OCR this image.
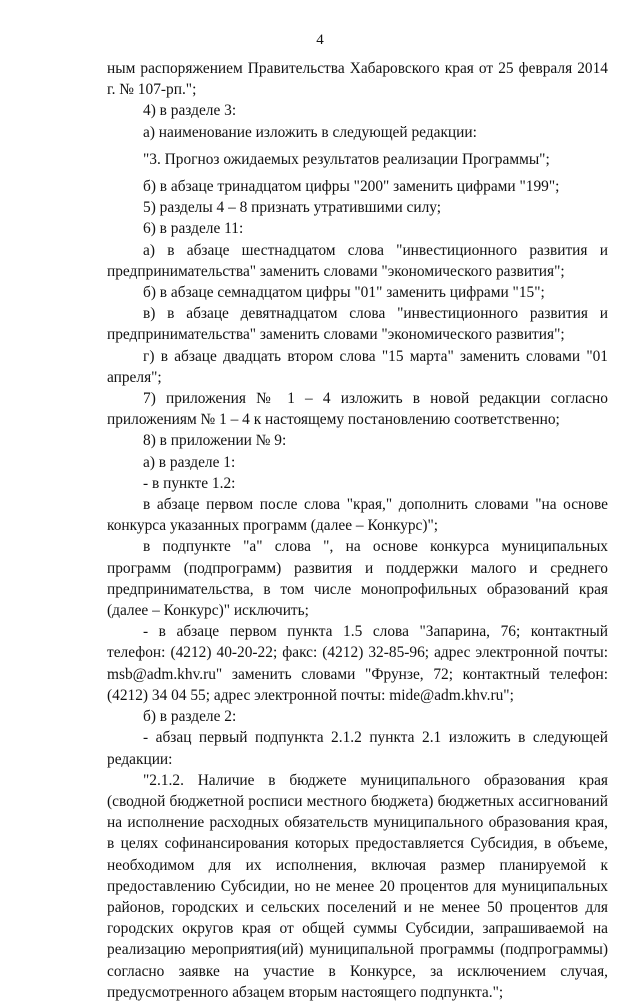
4

ным распоряжением Правительства Хабаровского края от 25 февраля 2014 г. № 107-рп.";

4) в разделе 3:

а) наименование изложить в следующей редакции:

"3. Прогноз ожидаемых результатов реализации Программы";

б) в абзаце тринадцатом цифры "200" заменить цифрами "199";

5) разделы 4 – 8 признать утратившими силу;

6) в разделе 11:

а) в абзаце шестнадцатом слова "инвестиционного развития и предпринимательства" заменить словами "экономического развития";

б) в абзаце семнадцатом цифры "01" заменить цифрами "15";

в) в абзаце девятнадцатом слова "инвестиционного развития и предпринимательства" заменить словами "экономического развития";

г) в абзаце двадцать втором слова "15 марта" заменить словами "01 апреля";

7) приложения № 1 – 4 изложить в новой редакции согласно приложениям № 1 – 4 к настоящему постановлению соответственно;

8) в приложении № 9:

а) в разделе 1:

- в пункте 1.2:

в абзаце первом после слова "края," дополнить словами "на основе конкурса указанных программ (далее – Конкурс)";

в подпункте "а" слова ", на основе конкурса муниципальных программ (подпрограмм) развития и поддержки малого и среднего предпринимательства, в том числе монопрофильных образований края (далее – Конкурс)" исключить;

- в абзаце первом пункта 1.5 слова "Запарина, 76; контактный телефон: (4212) 40-20-22; факс: (4212) 32-85-96; адрес электронной почты: msb@adm.khv.ru" заменить словами "Фрунзе, 72; контактный телефон: (4212) 34 04 55; адрес электронной почты: mide@adm.khv.ru";

б) в разделе 2:

- абзац первый подпункта 2.1.2 пункта 2.1 изложить в следующей редакции:

"2.1.2. Наличие в бюджете муниципального образования края (сводной бюджетной росписи местного бюджета) бюджетных ассигнований на исполнение расходных обязательств муниципального образования края, в целях софинансирования которых предоставляется Субсидия, в объеме, необходимом для их исполнения, включая размер планируемой к предоставлению Субсидии, но не менее 20 процентов для муниципальных районов, городских и сельских поселений и не менее 50 процентов для городских округов края от общей суммы Субсидии, запрашиваемой на реализацию мероприятия(ий) муниципальной программы (подпрограммы) согласно заявке на участие в Конкурсе, за исключением случая, предусмотренного абзацем вторым настоящего подпункта.";
